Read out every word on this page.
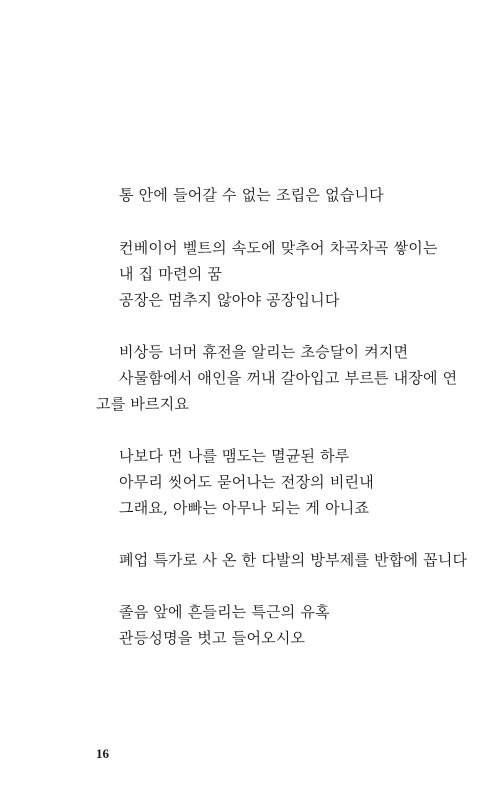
통 안에 들어갈 수 없는 조립은 없습니다
컨베이어 벨트의 속도에 맞추어 차곡차곡 쌓이는
내 집 마련의 꿈
공장은 멈추지 않아야 공장입니다
비상등 너머 휴전을 알리는 초승달이 켜지면
사물함에서 애인을 꺼내 갈아입고 부르튼 내장에 연
고를 바르지요
나보다 먼 나를 맴도는 멸균된 하루
아무리 씻어도 묻어나는 전장의 비린내
그래요, 아빠는 아무나 되는 게 아니죠
폐업 특가로 사 온 한 다발의 방부제를 반합에 꼽니다
졸음 앞에 흔들리는 특근의 유혹
관등성명을 벗고 들어오시오
16
